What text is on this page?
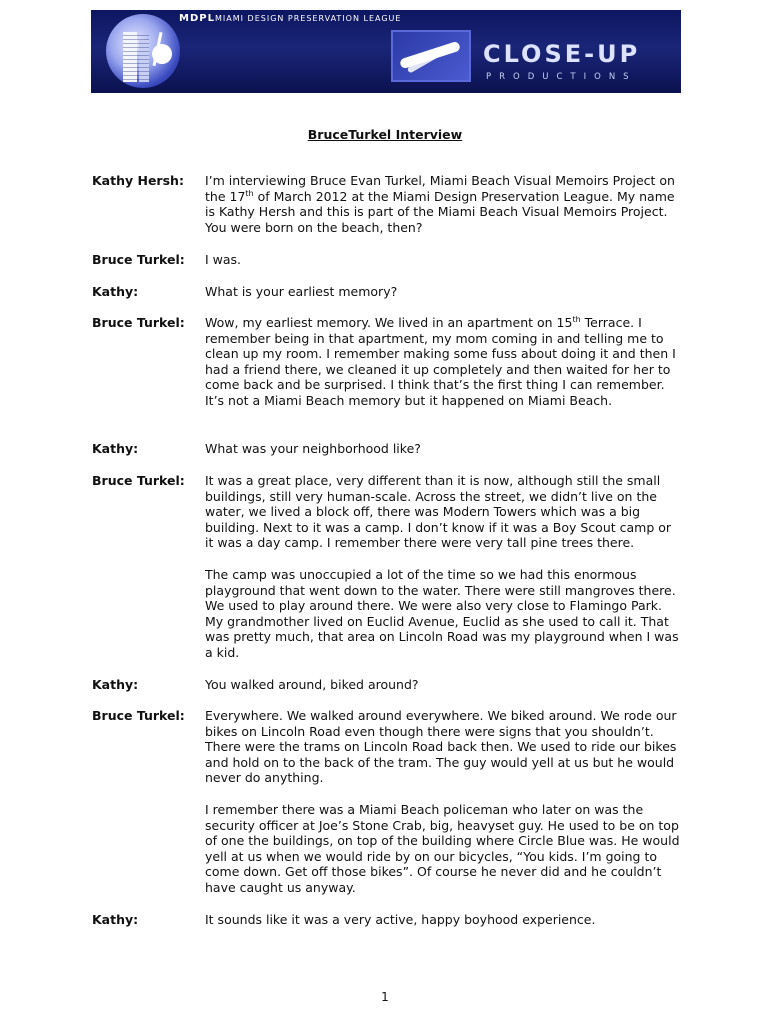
MDPL MIAMI DESIGN PRESERVATION LEAGUE
CLOSE-UP
PRODUCTIONS
BruceTurkel Interview
Kathy Hersh: I’m interviewing Bruce Evan Turkel, Miami Beach Visual Memoirs Project on the 17th of March 2012 at the Miami Design Preservation League. My name is Kathy Hersh and this is part of the Miami Beach Visual Memoirs Project. You were born on the beach, then?
Bruce Turkel: I was.
Kathy:	What is your earliest memory?
Bruce Turkel: Wow, my earliest memory. We lived in an apartment on 15th Terrace. I remember being in that apartment, my mom coming in and telling me to clean up my room. I remember making some fuss about doing it and then I had a friend there, we cleaned it up completely and then waited for her to come back and be surprised. I think that’s the first thing I can remember. It’s not a Miami Beach memory but it happened on Miami Beach.
Kathy:	What was your neighborhood like?
Bruce Turkel: It was a great place, very different than it is now, although still the small buildings, still very human-scale. Across the street, we didn’t live on the water, we lived a block off, there was Modern Towers which was a big building. Next to it was a camp. I don’t know if it was a Boy Scout camp or it was a day camp. I remember there were very tall pine trees there.
The camp was unoccupied a lot of the time so we had this enormous playground that went down to the water. There were still mangroves there. We used to play around there. We were also very close to Flamingo Park. My grandmother lived on Euclid Avenue, Euclid as she used to call it. That was pretty much, that area on Lincoln Road was my playground when I was a kid.
Kathy:	You walked around, biked around?
Bruce Turkel: Everywhere. We walked around everywhere. We biked around. We rode our bikes on Lincoln Road even though there were signs that you shouldn’t. There were the trams on Lincoln Road back then. We used to ride our bikes and hold on to the back of the tram. The guy would yell at us but he would never do anything.
I remember there was a Miami Beach policeman who later on was the security officer at Joe’s Stone Crab, big, heavyset guy. He used to be on top of one the buildings, on top of the building where Circle Blue was. He would yell at us when we would ride by on our bicycles, “You kids. I’m going to come down. Get off those bikes”. Of course he never did and he couldn’t have caught us anyway.
Kathy:	It sounds like it was a very active, happy boyhood experience.
1
